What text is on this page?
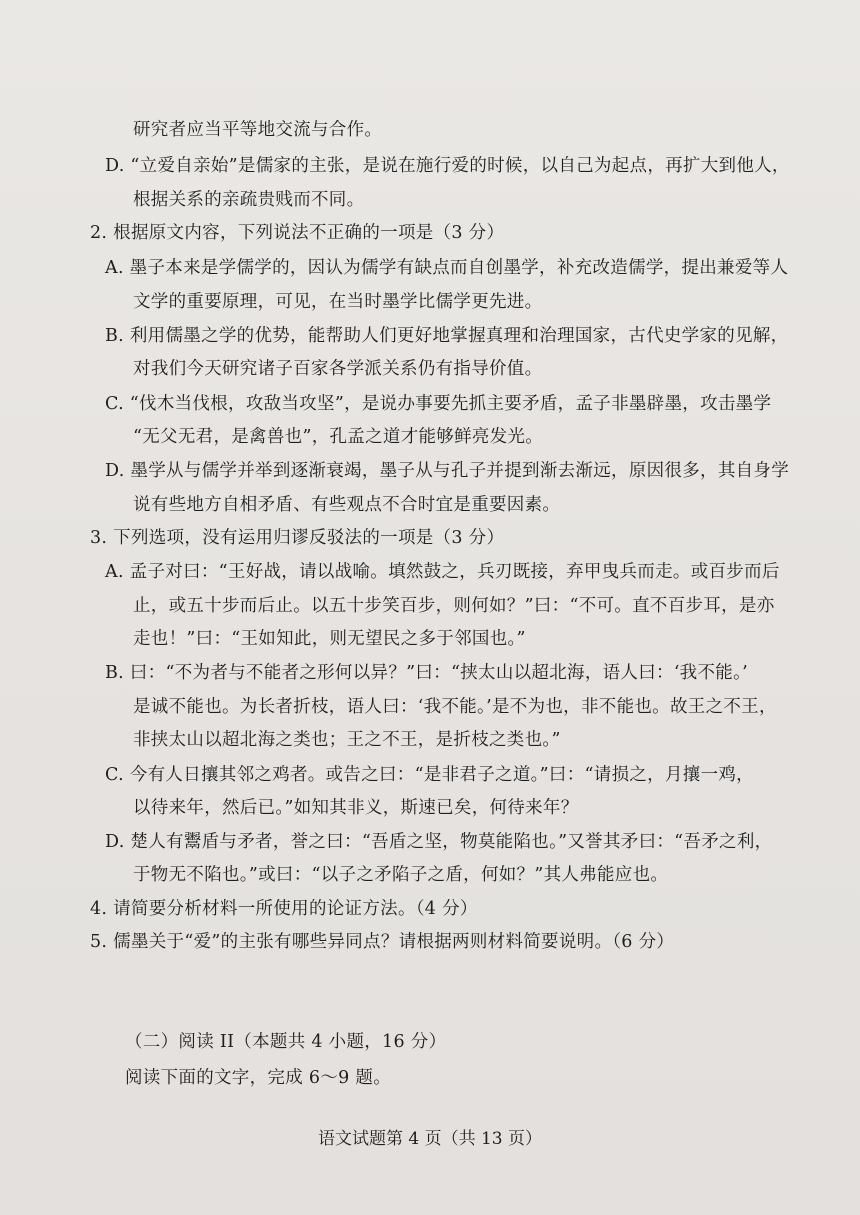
研究者应当平等地交流与合作。
D. “立爱自亲始”是儒家的主张，是说在施行爱的时候，以自己为起点，再扩大到他人，
根据关系的亲疏贵贱而不同。
2. 根据原文内容，下列说法不正确的一项是（3 分）
A. 墨子本来是学儒学的，因认为儒学有缺点而自创墨学，补充改造儒学，提出兼爱等人
文学的重要原理，可见，在当时墨学比儒学更先进。
B. 利用儒墨之学的优势，能帮助人们更好地掌握真理和治理国家，古代史学家的见解，
对我们今天研究诸子百家各学派关系仍有指导价值。
C. “伐木当伐根，攻敌当攻坚”，是说办事要先抓主要矛盾，孟子非墨辟墨，攻击墨学
“无父无君，是禽兽也”，孔孟之道才能够鲜亮发光。
D. 墨学从与儒学并举到逐渐衰竭，墨子从与孔子并提到渐去渐远，原因很多，其自身学
说有些地方自相矛盾、有些观点不合时宜是重要因素。
3. 下列选项，没有运用归谬反驳法的一项是（3 分）
A. 孟子对曰：“王好战，请以战喻。填然鼓之，兵刃既接，弃甲曳兵而走。或百步而后
止，或五十步而后止。以五十步笑百步，则何如？”曰：“不可。直不百步耳，是亦
走也！”曰：“王如知此，则无望民之多于邻国也。”
B. 曰：“不为者与不能者之形何以异？”曰：“挟太山以超北海，语人曰：‘我不能。’
是诚不能也。为长者折枝，语人曰：‘我不能。’是不为也，非不能也。故王之不王，
非挟太山以超北海之类也；王之不王，是折枝之类也。”
C. 今有人日攘其邻之鸡者。或告之曰：“是非君子之道。”曰：“请损之，月攘一鸡，
以待来年，然后已。”如知其非义，斯速已矣，何待来年？
D. 楚人有鬻盾与矛者，誉之曰：“吾盾之坚，物莫能陷也。”又誉其矛曰：“吾矛之利，
于物无不陷也。”或曰：“以子之矛陷子之盾，何如？”其人弗能应也。
4. 请简要分析材料一所使用的论证方法。（4 分）
5. 儒墨关于“爱”的主张有哪些异同点？请根据两则材料简要说明。（6 分）
（二）阅读 II（本题共 4 小题，16 分）
阅读下面的文字，完成 6～9 题。
语文试题第 4 页（共 13 页）
